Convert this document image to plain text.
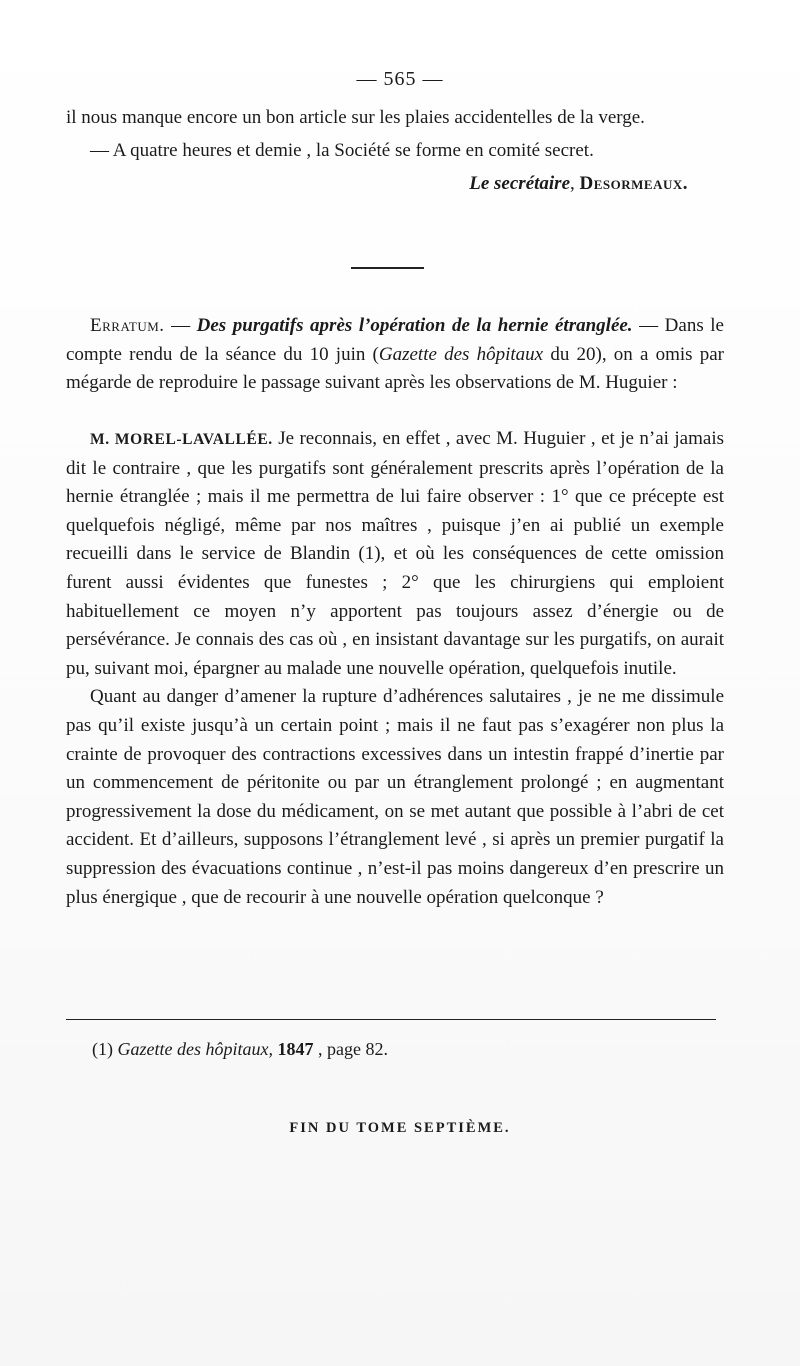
— 565 —

il nous manque encore un bon article sur les plaies accidentelles de la verge.

— A quatre heures et demie , la Société se forme en comité secret.

Le secrétaire, Desormeaux.

Erratum. — Des purgatifs après l’opération de la hernie étranglée. — Dans le compte rendu de la séance du 10 juin (Gazette des hôpitaux du 20), on a omis par mégarde de reproduire le passage suivant après les observations de M. Huguier :

M. MOREL-LAVALLÉE. Je reconnais, en effet , avec M. Huguier , et je n’ai jamais dit le contraire , que les purgatifs sont généralement prescrits après l’opération de la hernie étranglée ; mais il me permettra de lui faire observer : 1° que ce précepte est quelquefois négligé, même par nos maîtres , puisque j’en ai publié un exemple recueilli dans le service de Blandin (1), et où les conséquences de cette omission furent aussi évidentes que funestes ; 2° que les chirurgiens qui emploient habituellement ce moyen n’y apportent pas toujours assez d’énergie ou de persévérance. Je connais des cas où , en insistant davantage sur les purgatifs, on aurait pu, suivant moi, épargner au malade une nouvelle opération, quelquefois inutile.

Quant au danger d’amener la rupture d’adhérences salutaires , je ne me dissimule pas qu’il existe jusqu’à un certain point ; mais il ne faut pas s’exagérer non plus la crainte de provoquer des contractions excessives dans un intestin frappé d’inertie par un commencement de péritonite ou par un étranglement prolongé ; en augmentant progressivement la dose du médicament, on se met autant que possible à l’abri de cet accident. Et d’ailleurs, supposons l’étranglement levé , si après un premier purgatif la suppression des évacuations continue , n’est-il pas moins dangereux d’en prescrire un plus énergique , que de recourir à une nouvelle opération quelconque ?

(1) Gazette des hôpitaux, 1847 , page 82.
FIN DU TOME SEPTIÈME.
